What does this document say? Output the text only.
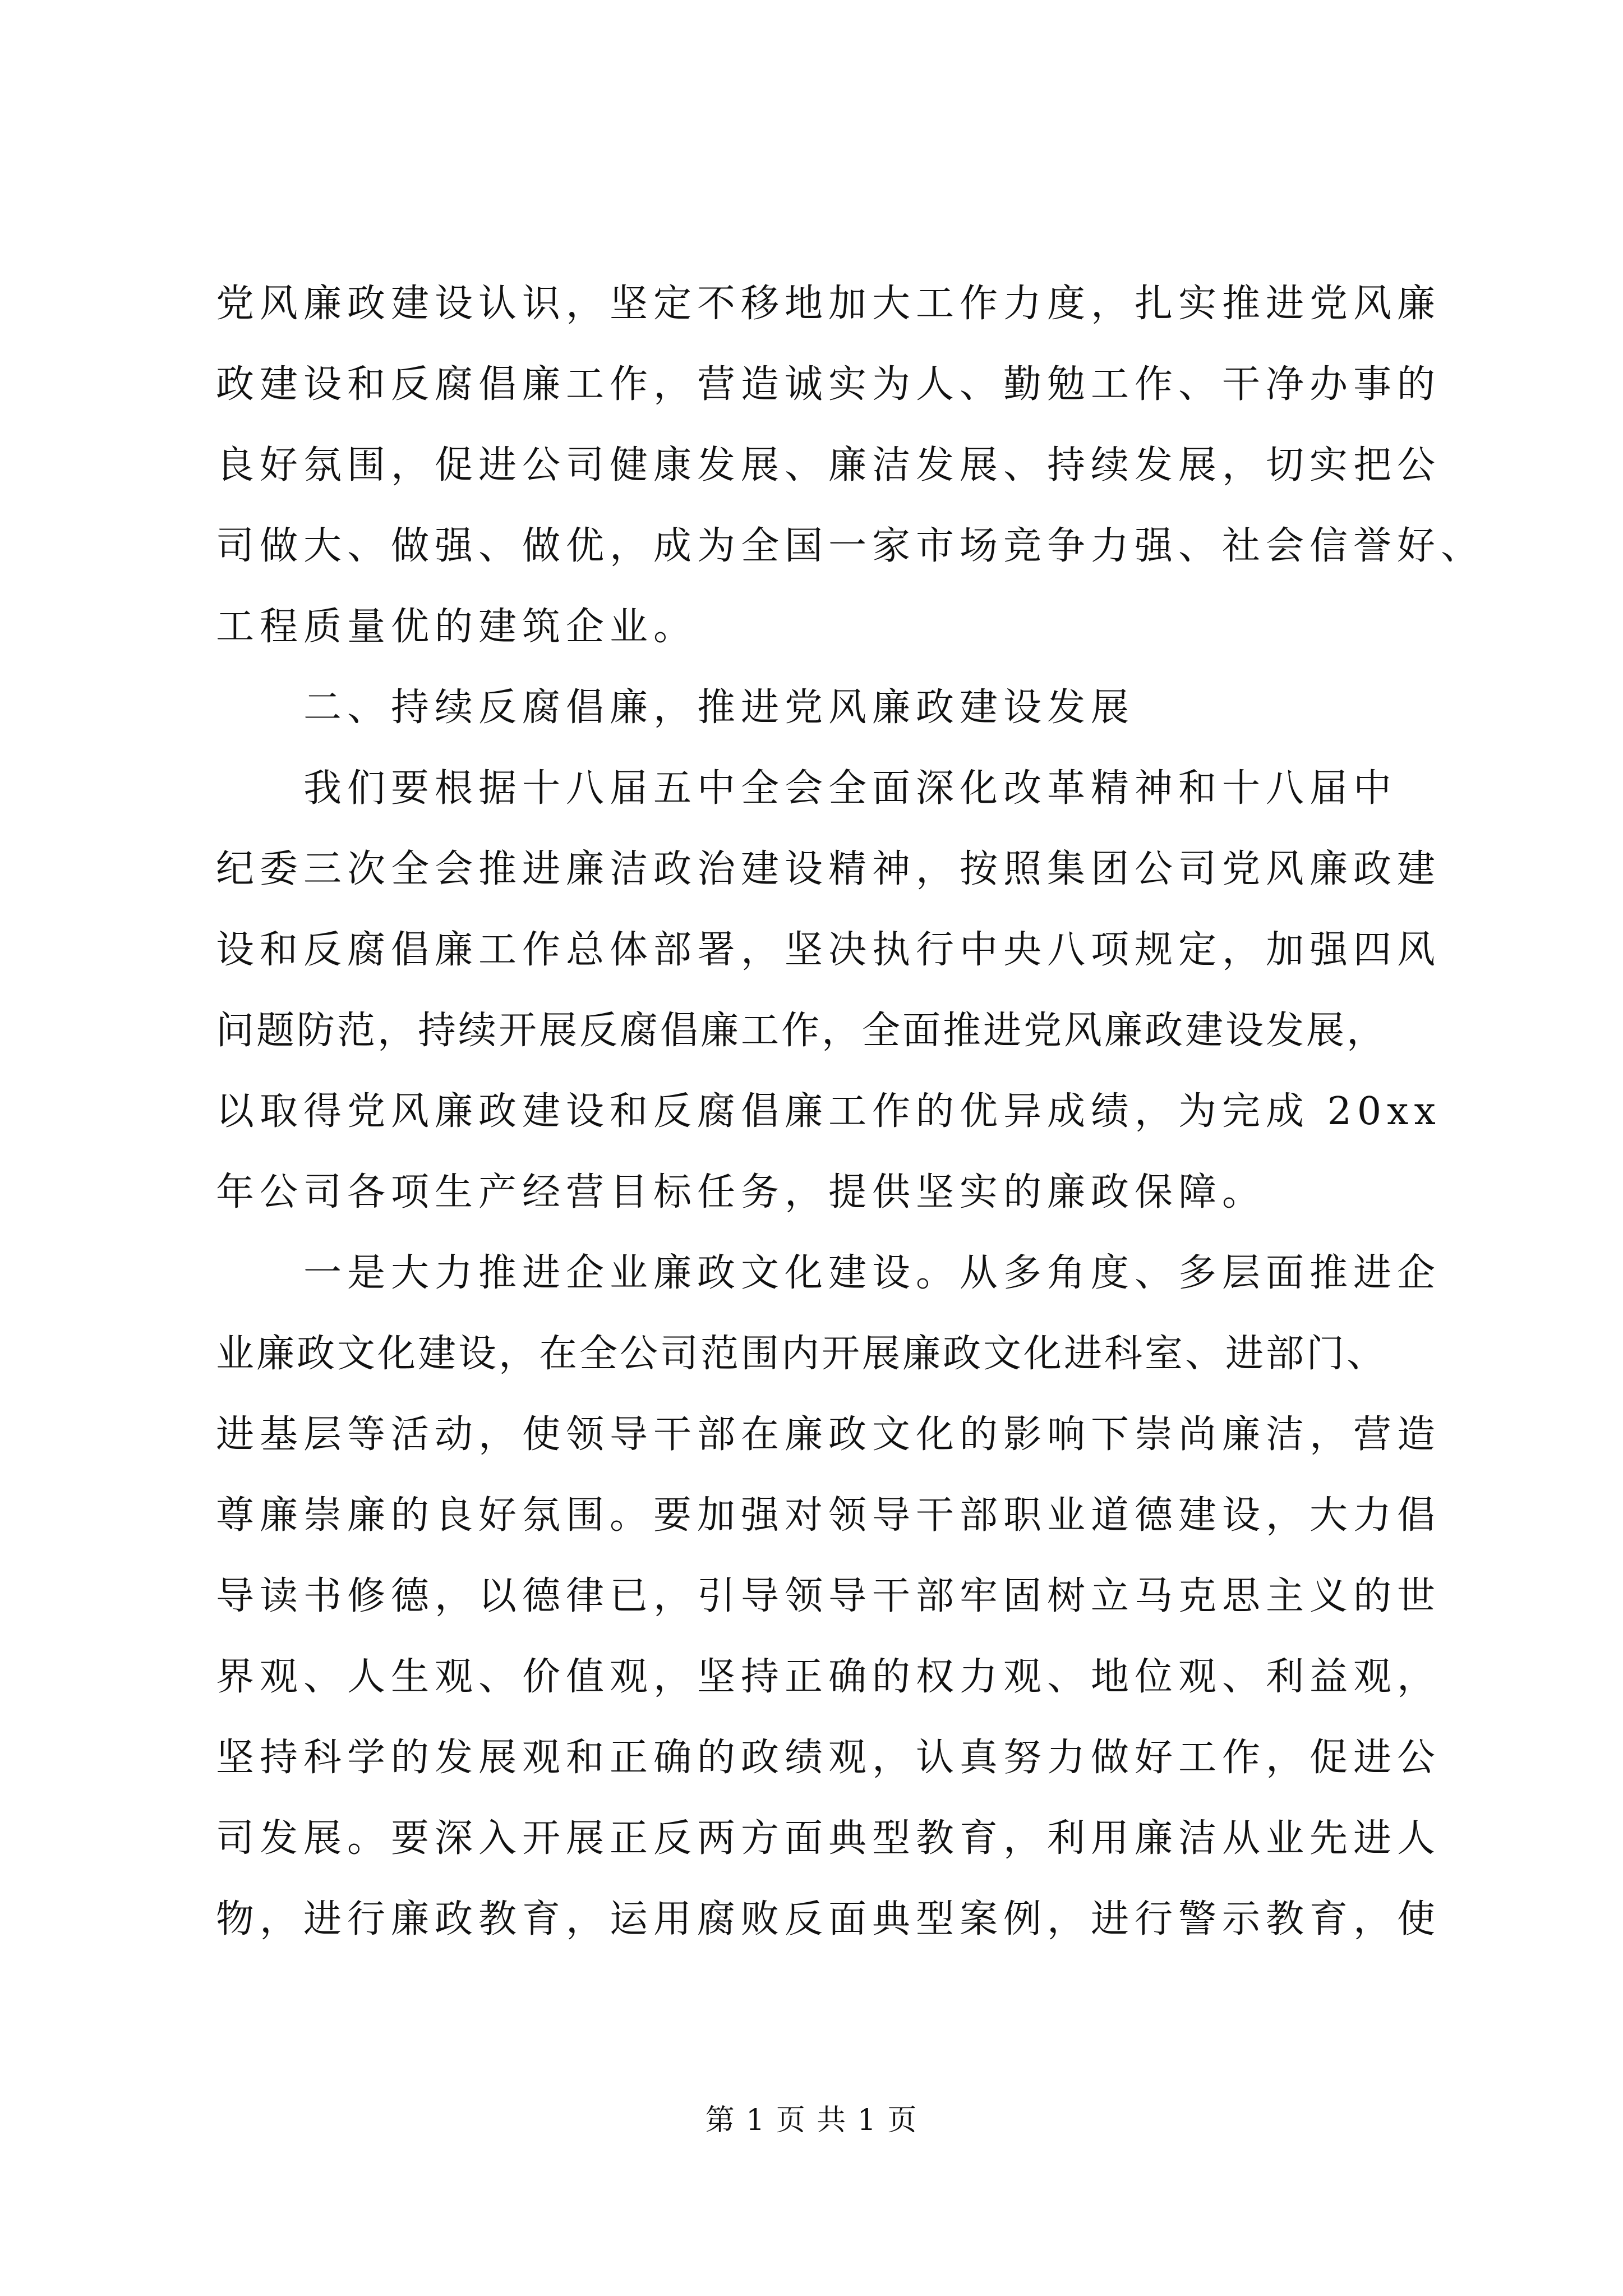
党风廉政建设认识，坚定不移地加大工作力度，扎实推进党风廉
政建设和反腐倡廉工作，营造诚实为人、勤勉工作、干净办事的
良好氛围，促进公司健康发展、廉洁发展、持续发展，切实把公
司做大、做强、做优，成为全国一家市场竞争力强、社会信誉好、
工程质量优的建筑企业。
　　二、持续反腐倡廉，推进党风廉政建设发展
　　我们要根据十八届五中全会全面深化改革精神和十八届中
纪委三次全会推进廉洁政治建设精神，按照集团公司党风廉政建
设和反腐倡廉工作总体部署，坚决执行中央八项规定，加强四风
问题防范，持续开展反腐倡廉工作，全面推进党风廉政建设发展，
以取得党风廉政建设和反腐倡廉工作的优异成绩，为完成 20xx
年公司各项生产经营目标任务，提供坚实的廉政保障。
　　一是大力推进企业廉政文化建设。从多角度、多层面推进企
业廉政文化建设，在全公司范围内开展廉政文化进科室、进部门、
进基层等活动，使领导干部在廉政文化的影响下崇尚廉洁，营造
尊廉崇廉的良好氛围。要加强对领导干部职业道德建设，大力倡
导读书修德，以德律已，引导领导干部牢固树立马克思主义的世
界观、人生观、价值观，坚持正确的权力观、地位观、利益观，
坚持科学的发展观和正确的政绩观，认真努力做好工作，促进公
司发展。要深入开展正反两方面典型教育，利用廉洁从业先进人
物，进行廉政教育，运用腐败反面典型案例，进行警示教育，使
第 1 页 共 1 页
